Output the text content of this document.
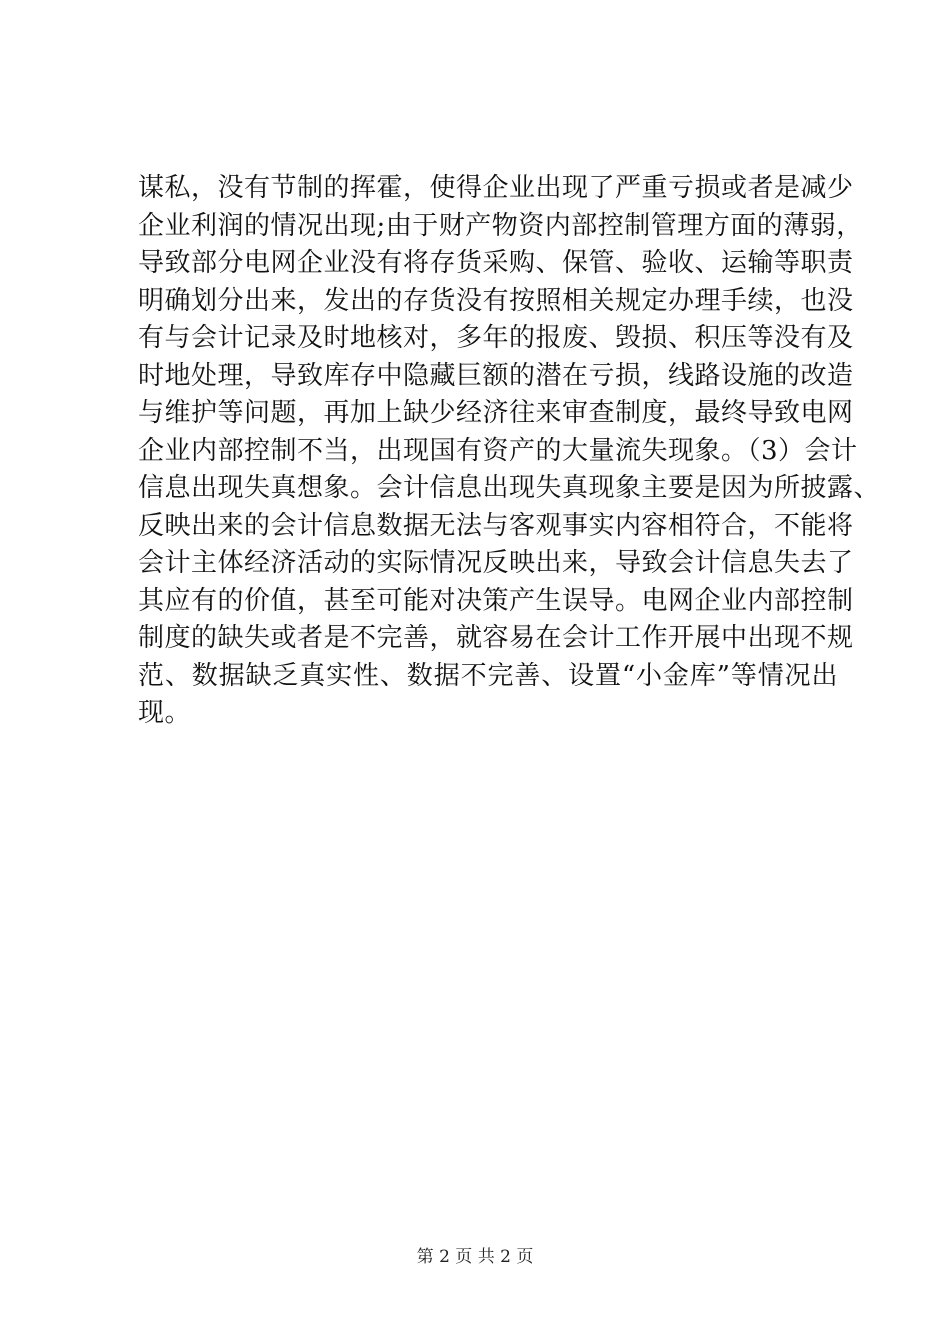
谋私，没有节制的挥霍，使得企业出现了严重亏损或者是减少
企业利润的情况出现;由于财产物资内部控制管理方面的薄弱，
导致部分电网企业没有将存货采购、保管、验收、运输等职责
明确划分出来，发出的存货没有按照相关规定办理手续，也没
有与会计记录及时地核对，多年的报废、毁损、积压等没有及
时地处理，导致库存中隐藏巨额的潜在亏损，线路设施的改造
与维护等问题，再加上缺少经济往来审查制度，最终导致电网
企业内部控制不当，出现国有资产的大量流失现象。（3）会计
信息出现失真想象。会计信息出现失真现象主要是因为所披露、
反映出来的会计信息数据无法与客观事实内容相符合，不能将
会计主体经济活动的实际情况反映出来，导致会计信息失去了
其应有的价值，甚至可能对决策产生误导。电网企业内部控制
制度的缺失或者是不完善，就容易在会计工作开展中出现不规
范、数据缺乏真实性、数据不完善、设置“小金库”等情况出
现。
第 2 页 共 2 页
